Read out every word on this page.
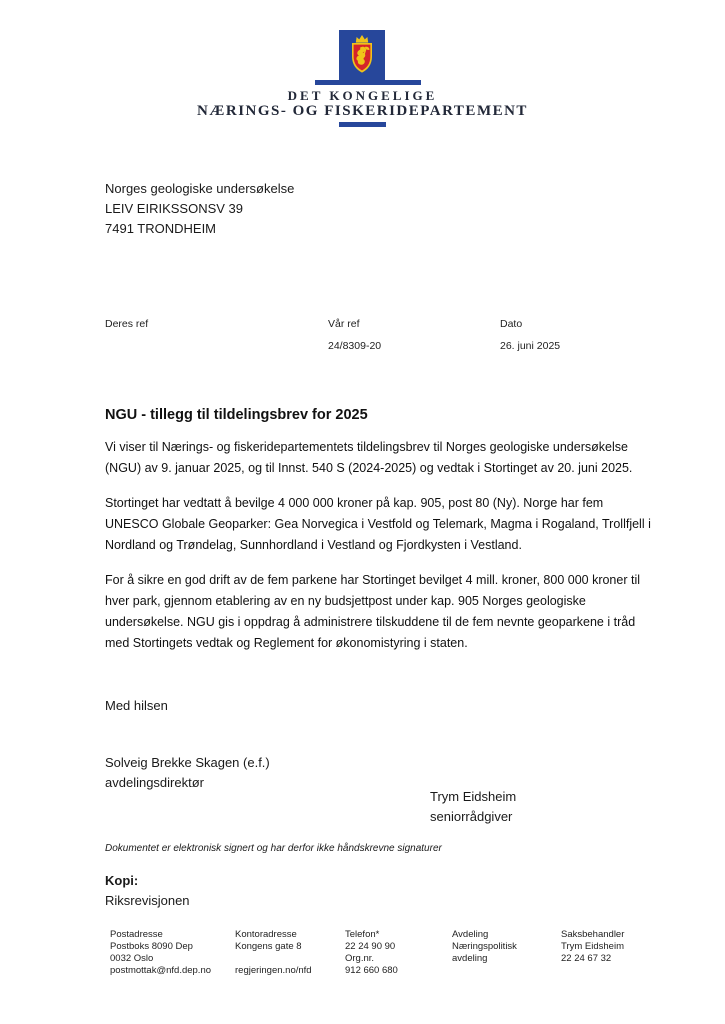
DET KONGELIGE
NÆRINGS- OG FISKERIDEPARTEMENT
Norges geologiske undersøkelse
LEIV EIRIKSSONSV 39
7491 TRONDHEIM
Deres ref	Vår ref
24/8309-20
Dato
26. juni 2025
NGU - tillegg til tildelingsbrev for 2025

Vi viser til Nærings- og fiskeridepartementets tildelingsbrev til Norges geologiske undersøkelse (NGU) av 9. januar 2025, og til Innst. 540 S (2024-2025) og vedtak i Stortinget av 20. juni 2025.

Stortinget har vedtatt å bevilge 4 000 000 kroner på kap. 905, post 80 (Ny). Norge har fem UNESCO Globale Geoparker: Gea Norvegica i Vestfold og Telemark, Magma i Rogaland, Trollfjell i Nordland og Trøndelag, Sunnhordland i Vestland og Fjordkysten i Vestland.

For å sikre en god drift av de fem parkene har Stortinget bevilget 4 mill. kroner, 800 000 kroner til hver park, gjennom etablering av en ny budsjettpost under kap. 905 Norges geologiske undersøkelse. NGU gis i oppdrag å administrere tilskuddene til de fem nevnte geoparkene i tråd med Stortingets vedtak og Reglement for økonomistyring i staten.

Med hilsen
Solveig Brekke Skagen (e.f.)
avdelingsdirektør
Trym Eidsheim
seniorrådgiver
Dokumentet er elektronisk signert og har derfor ikke håndskrevne signaturer
Kopi:
Riksrevisjonen
Postadresse
Postboks 8090 Dep
0032 Oslo
postmottak@nfd.dep.no
Kontoradresse
Kongens gate 8
regjeringen.no/nfd
Telefon*
22 24 90 90
Org.nr.
912 660 680
Avdeling
Næringspolitisk
avdeling
Saksbehandler
Trym Eidsheim
22 24 67 32
